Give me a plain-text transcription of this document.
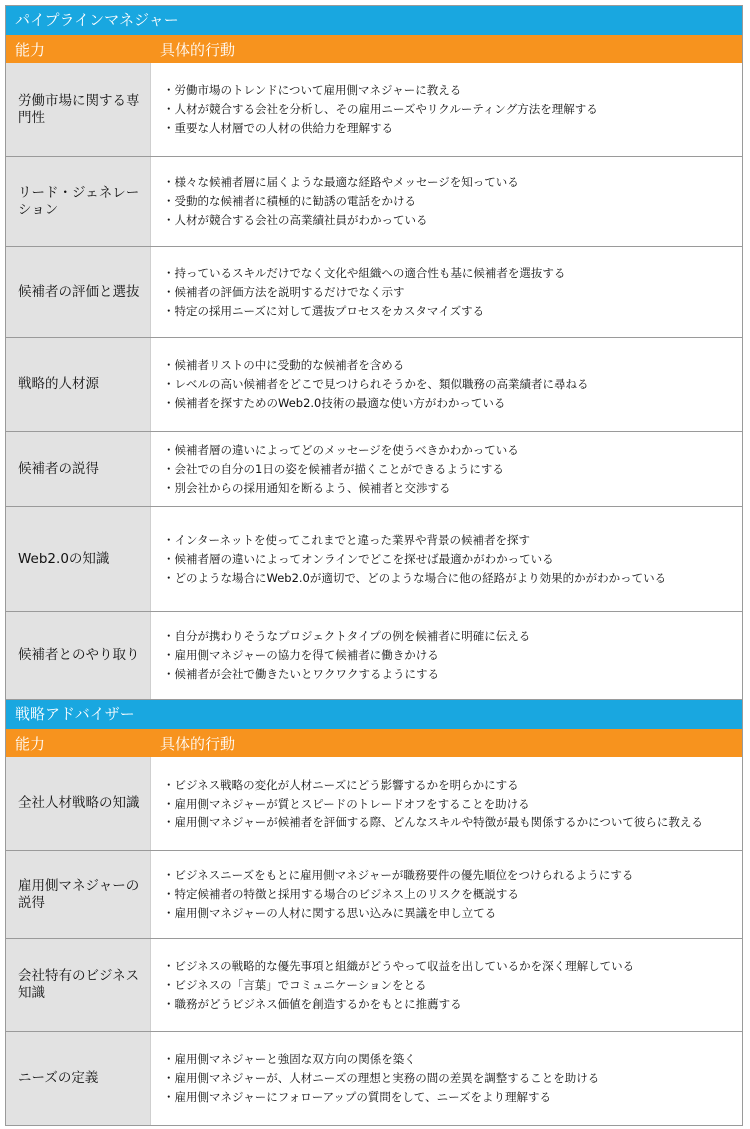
パイプラインマネジャー
能力	具体的行動
労働市場に関する専門性
・労働市場のトレンドについて雇用側マネジャーに教える
・人材が競合する会社を分析し、その雇用ニーズやリクルーティング方法を理解する
・重要な人材層での人材の供給力を理解する
リード・ジェネレーション
・様々な候補者層に届くような最適な経路やメッセージを知っている
・受動的な候補者に積極的に勧誘の電話をかける
・人材が競合する会社の高業績社員がわかっている
候補者の評価と選抜
・持っているスキルだけでなく文化や組織への適合性も基に候補者を選抜する
・候補者の評価方法を説明するだけでなく示す
・特定の採用ニーズに対して選抜プロセスをカスタマイズする
戦略的人材源
・候補者リストの中に受動的な候補者を含める
・レベルの高い候補者をどこで見つけられそうかを、類似職務の高業績者に尋ねる
・候補者を探すためのWeb2.0技術の最適な使い方がわかっている
候補者の説得
・候補者層の違いによってどのメッセージを使うべきかわかっている
・会社での自分の1日の姿を候補者が描くことができるようにする
・別会社からの採用通知を断るよう、候補者と交渉する
Web2.0の知識
・インターネットを使ってこれまでと違った業界や背景の候補者を探す
・候補者層の違いによってオンラインでどこを探せば最適かがわかっている
・どのような場合にWeb2.0が適切で、どのような場合に他の経路がより効果的かがわかっている
候補者とのやり取り
・自分が携わりそうなプロジェクトタイプの例を候補者に明確に伝える
・雇用側マネジャーの協力を得て候補者に働きかける
・候補者が会社で働きたいとワクワクするようにする
戦略アドバイザー
能力	具体的行動
全社人材戦略の知識
・ビジネス戦略の変化が人材ニーズにどう影響するかを明らかにする
・雇用側マネジャーが質とスピードのトレードオフをすることを助ける
・雇用側マネジャーが候補者を評価する際、どんなスキルや特徴が最も関係するかについて彼らに教える
雇用側マネジャーの説得
・ビジネスニーズをもとに雇用側マネジャーが職務要件の優先順位をつけられるようにする
・特定候補者の特徴と採用する場合のビジネス上のリスクを概説する
・雇用側マネジャーの人材に関する思い込みに異議を申し立てる
会社特有のビジネス知識
・ビジネスの戦略的な優先事項と組織がどうやって収益を出しているかを深く理解している
・ビジネスの「言葉」でコミュニケーションをとる
・職務がどうビジネス価値を創造するかをもとに推薦する
ニーズの定義
・雇用側マネジャーと強固な双方向の関係を築く
・雇用側マネジャーが、人材ニーズの理想と実務の間の差異を調整することを助ける
・雇用側マネジャーにフォローアップの質問をして、ニーズをより理解する
